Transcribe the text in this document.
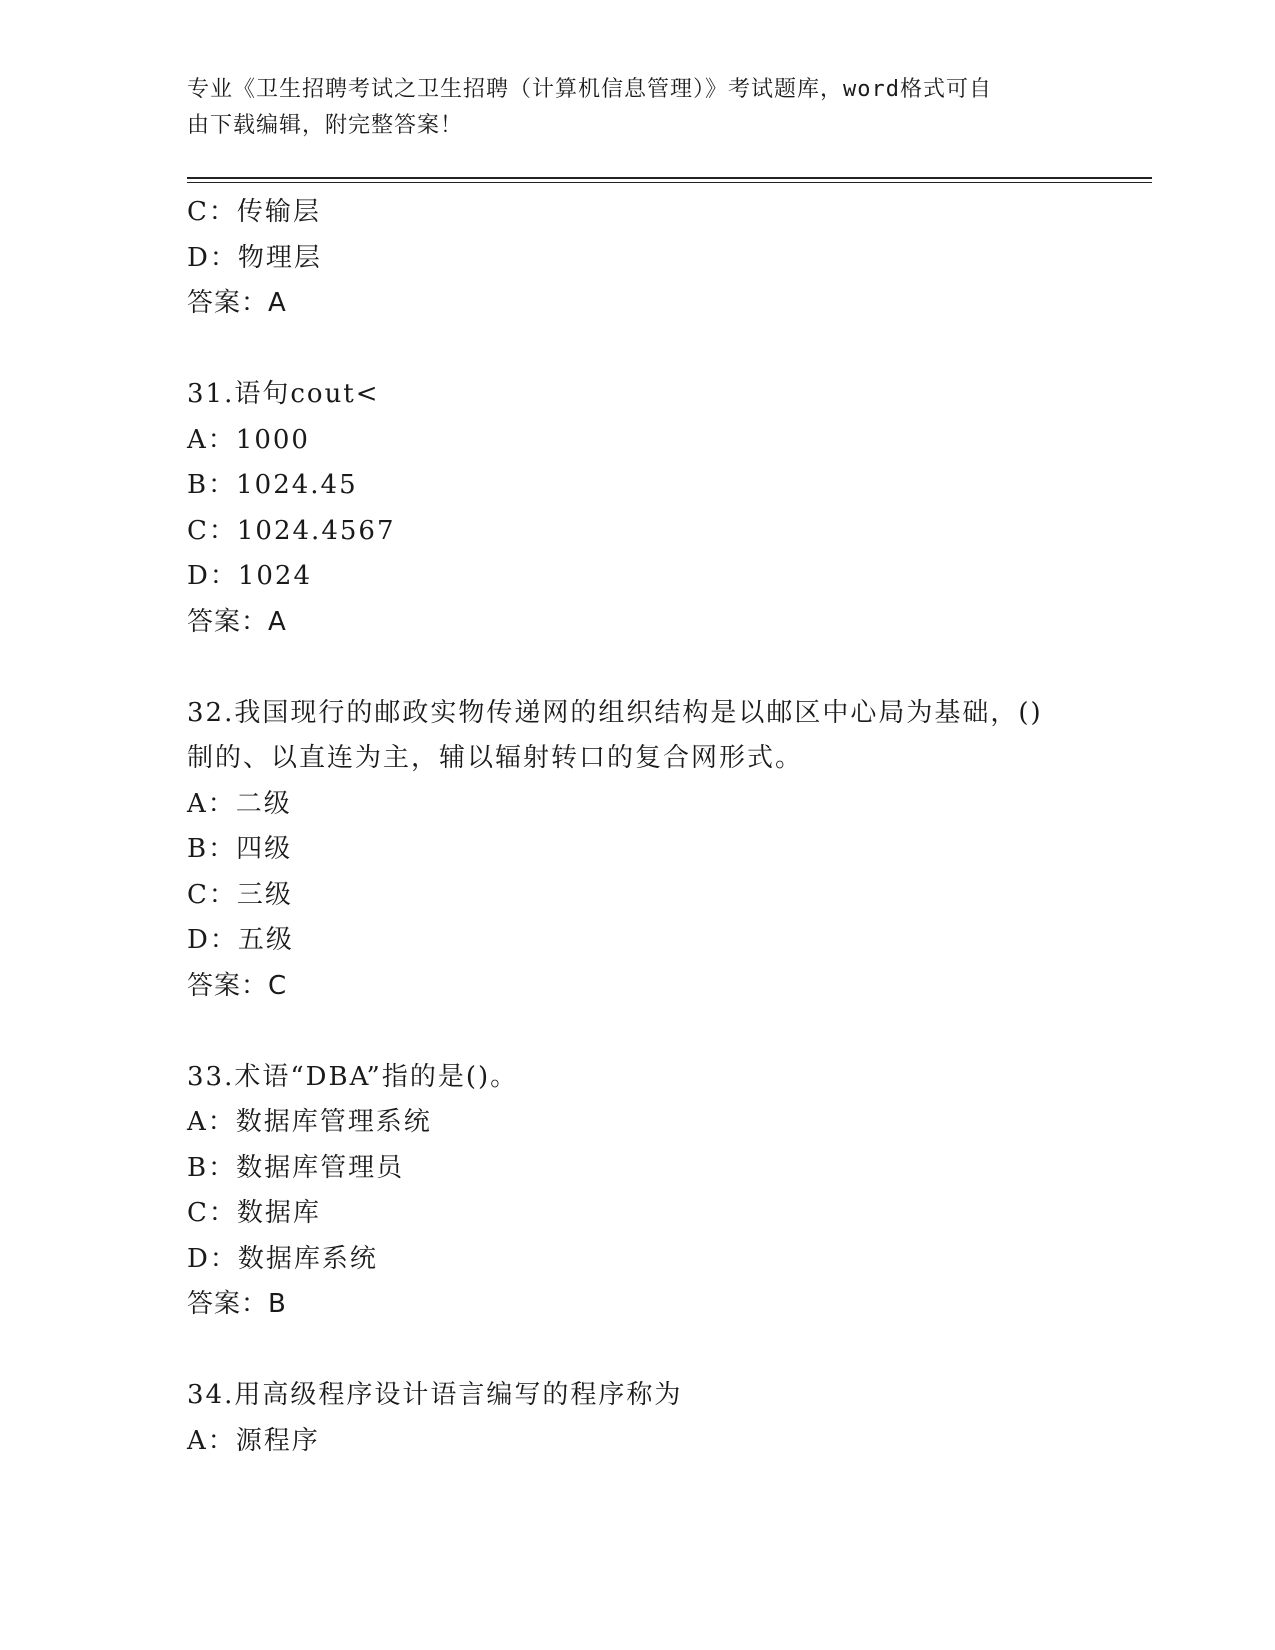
专业《卫生招聘考试之卫生招聘（计算机信息管理）》考试题库，word格式可自
由下载编辑，附完整答案！
C：传输层
D：物理层
答案：A
31.语句cout<
A：1000
B：1024.45
C：1024.4567
D：1024
答案：A
32.我国现行的邮政实物传递网的组织结构是以邮区中心局为基础，()
制的、以直连为主，辅以辐射转口的复合网形式。
A：二级
B：四级
C：三级
D：五级
答案：C
33.术语“DBA”指的是()。
A：数据库管理系统
B：数据库管理员
C：数据库
D：数据库系统
答案：B
34.用高级程序设计语言编写的程序称为
A：源程序
